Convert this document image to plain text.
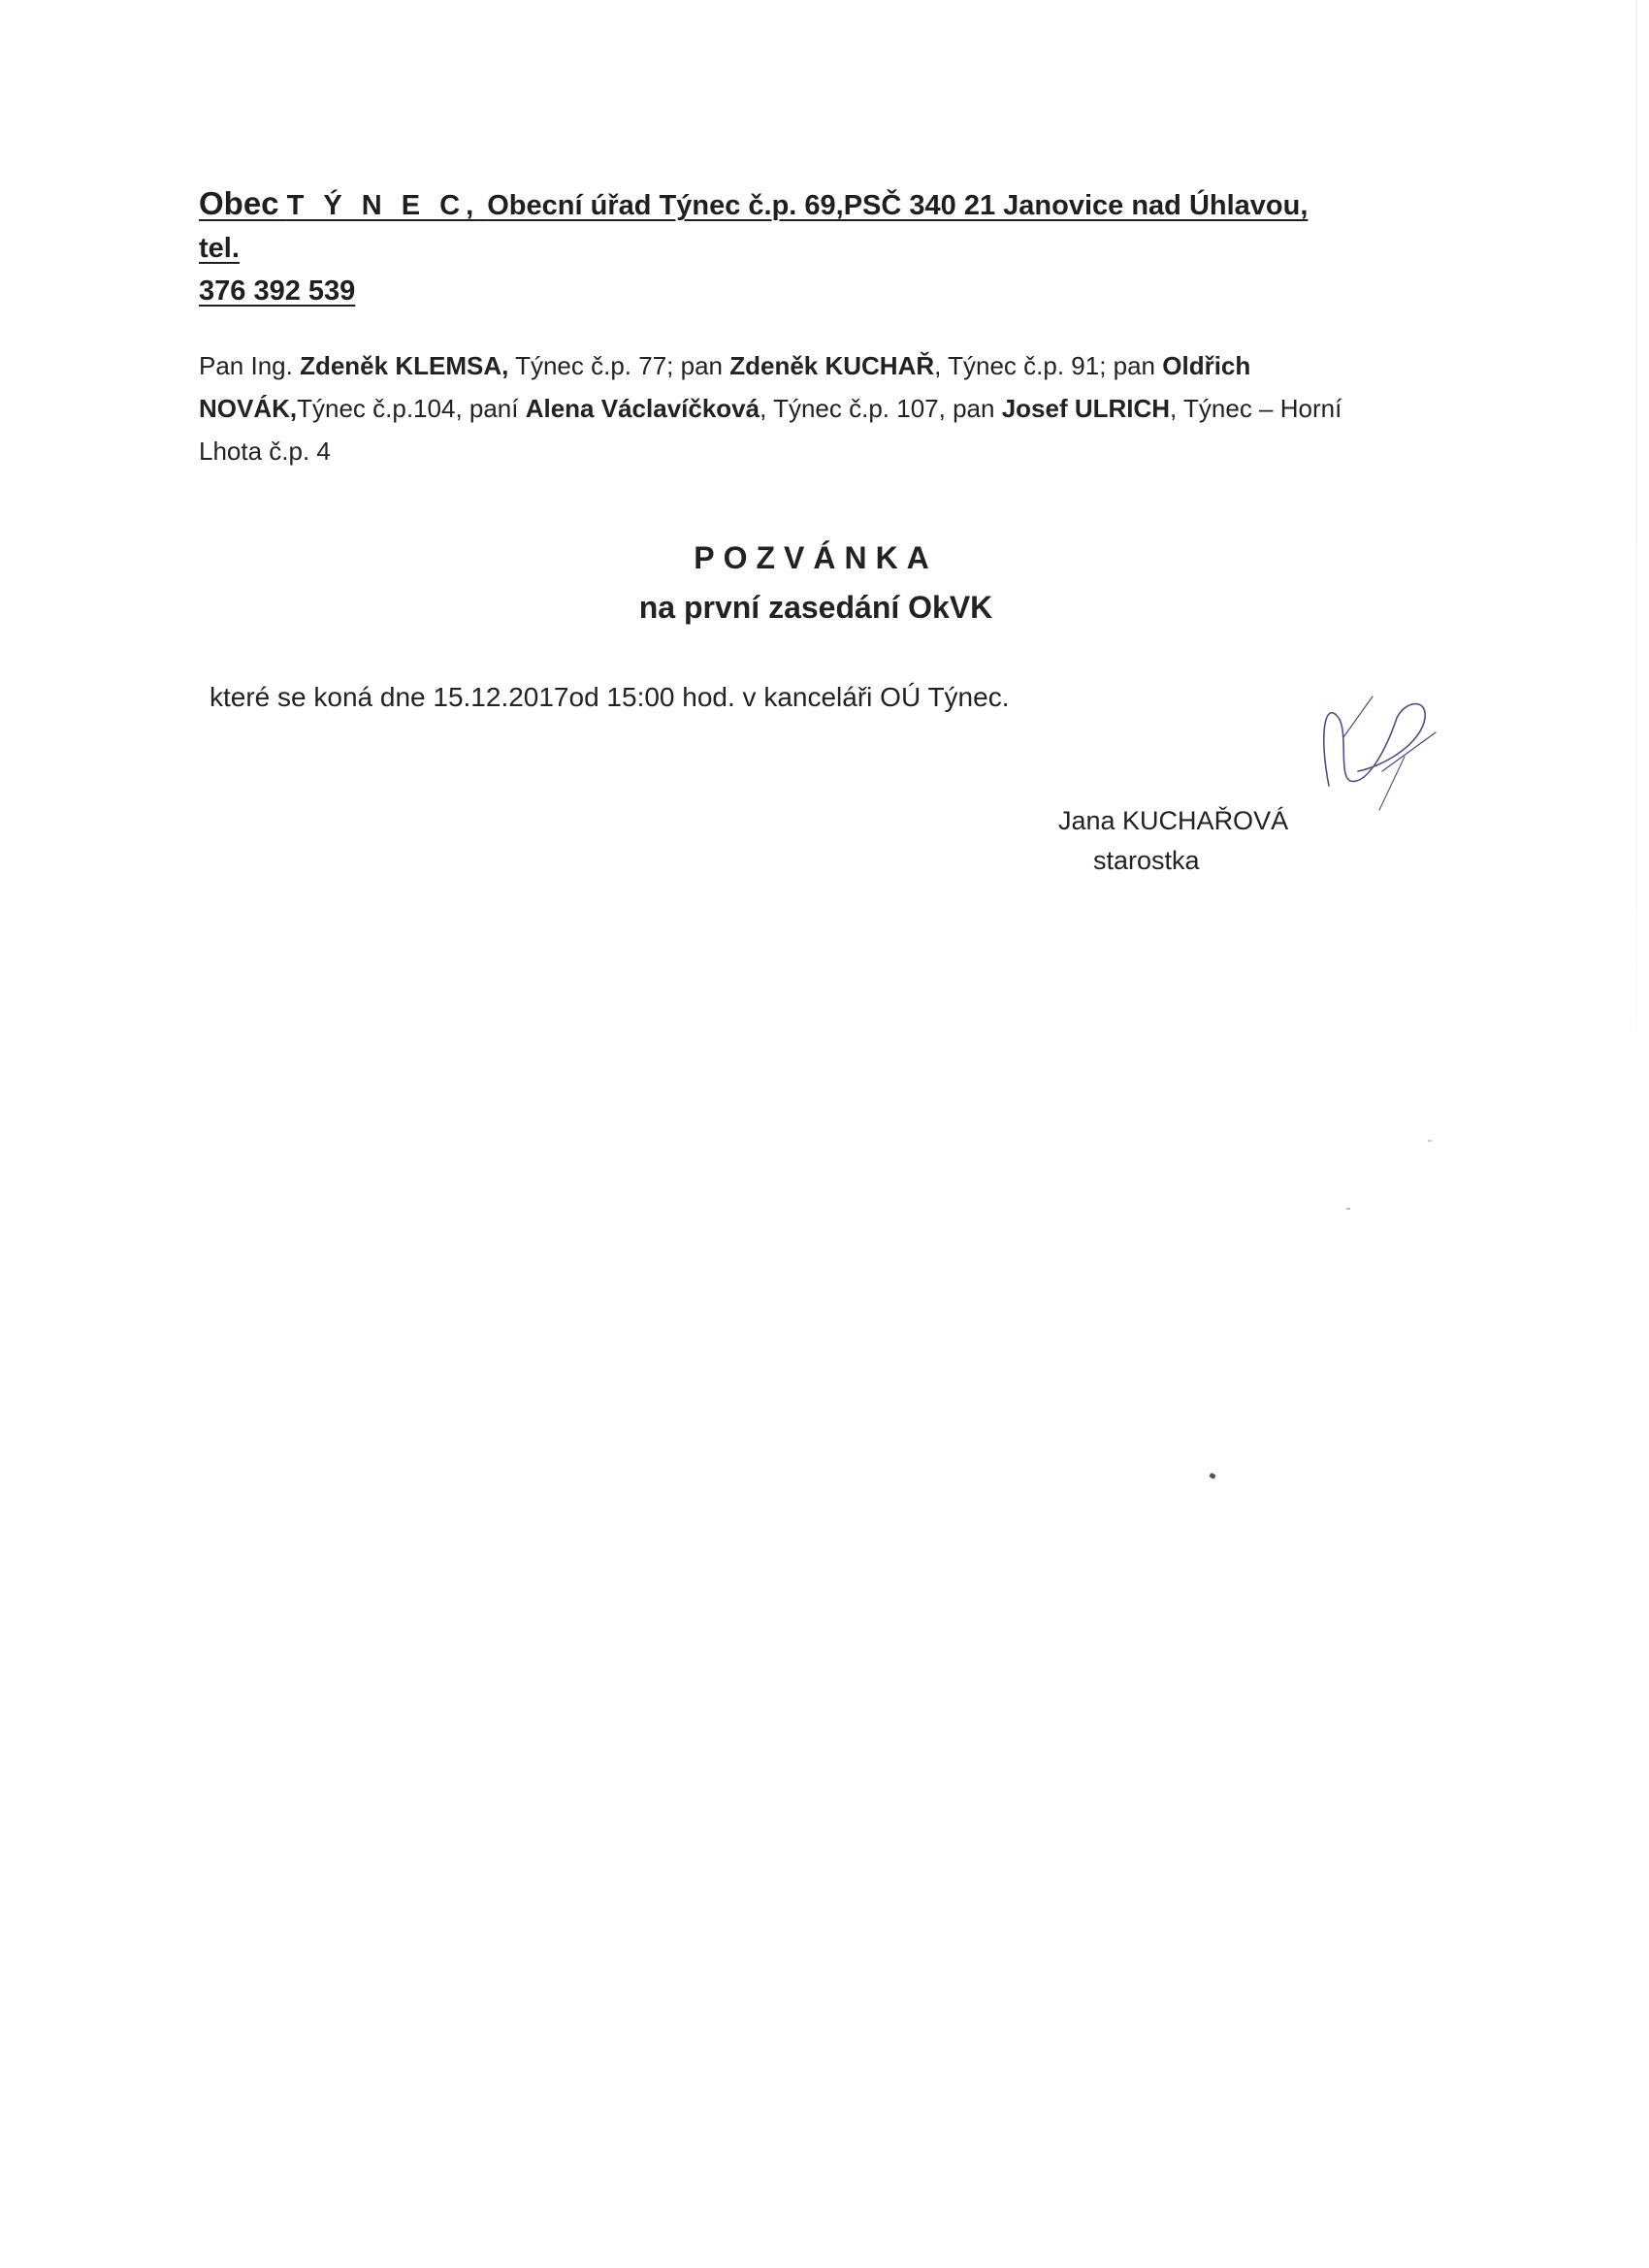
Obec T Ý N E C, Obecní úřad Týnec č.p. 69,PSČ 340 21 Janovice nad Úhlavou, tel.
376 392 539
Pan Ing. Zdeněk KLEMSA, Týnec č.p. 77; pan Zdeněk KUCHAŘ, Týnec č.p. 91; pan Oldřich NOVÁK,Týnec č.p.104, paní Alena Václavíčková, Týnec č.p. 107, pan Josef ULRICH, Týnec – Horní Lhota č.p. 4
POZVÁNKA
na první zasedání OkVK
které se koná dne 15.12.2017od 15:00 hod. v kanceláři OÚ Týnec.
Jana KUCHAŘOVÁ
starostka
